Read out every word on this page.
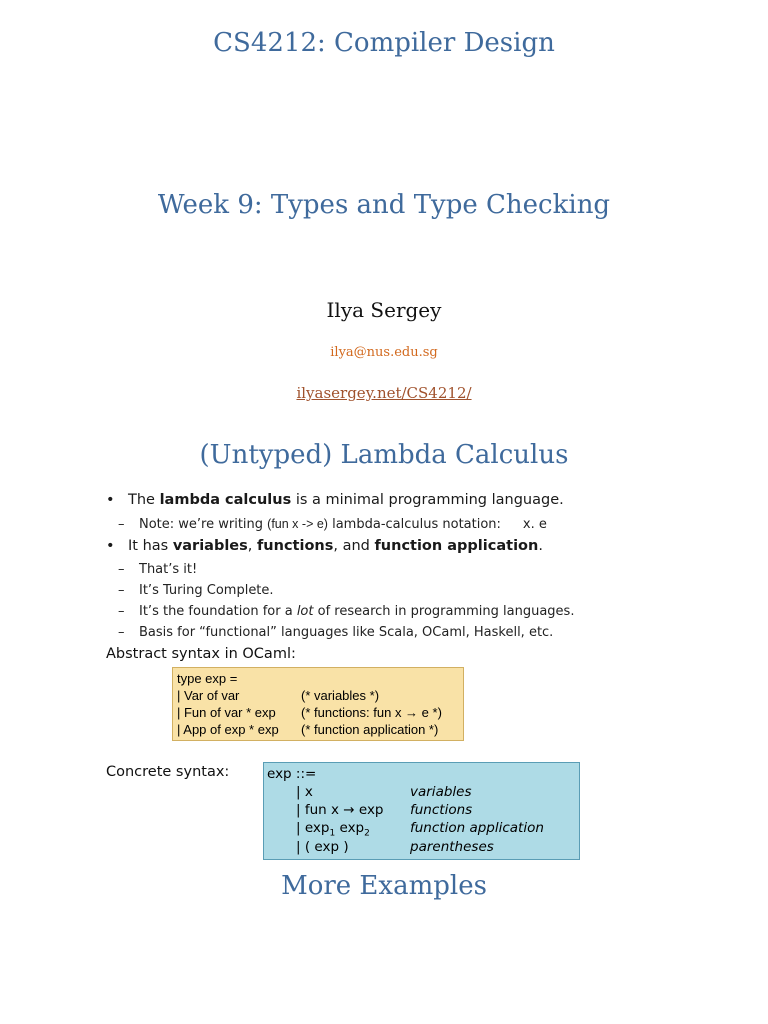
CS4212: Compiler Design
Week 9: Types and Type Checking
Ilya Sergey
ilya@nus.edu.sg
ilyasergey.net/CS4212/
(Untyped) Lambda Calculus
• The lambda calculus is a minimal programming language.
– Note: we’re writing (fun x -> e) lambda-calculus notation: x. e
• It has variables, functions, and function application.
– That’s it!
– It’s Turing Complete.
– It’s the foundation for a lot of research in programming languages.
– Basis for “functional” languages like Scala, OCaml, Haskell, etc.
Abstract syntax in OCaml:
type exp =
| Var of var	(* variables *)
| Fun of var * exp (* functions: fun x → e *)
| App of exp * exp (* function application *)
Concrete syntax:	exp ::=
| x	variables
| fun x → exp functions
| $\exp_1 \exp_2$	function application
| ( exp )	parentheses
More Examples
